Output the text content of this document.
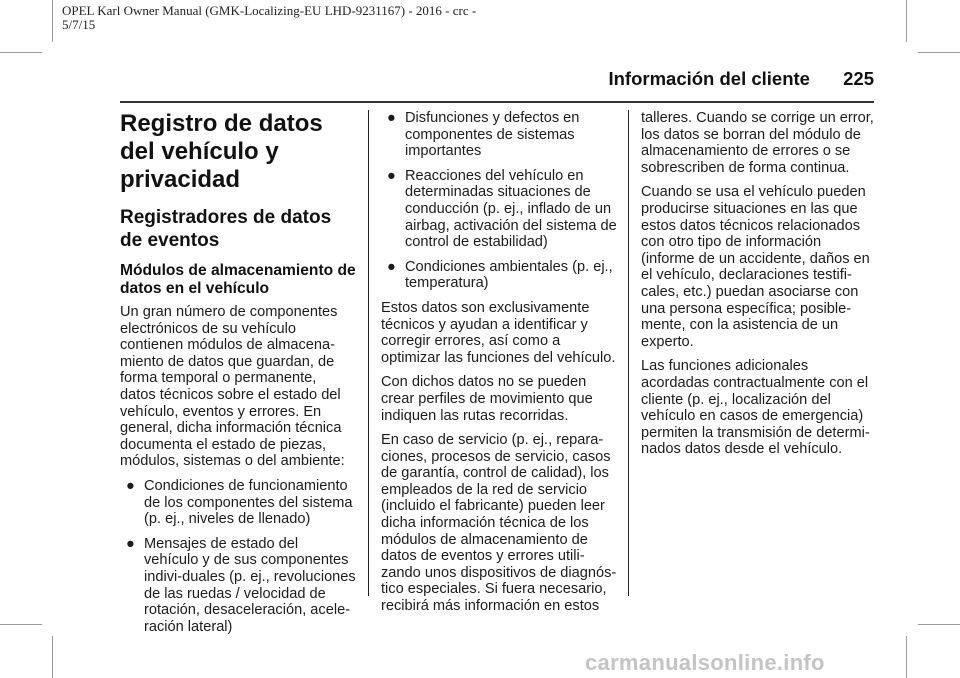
OPEL Karl Owner Manual (GMK-Localizing-EU LHD-9231167) - 2016 - crc -
5/7/15
Información del cliente 225
Registro de datos del vehículo y privacidad
Registradores de datos de eventos
Módulos de almacenamiento de datos en el vehículo

Un gran número de componentes electrónicos de su vehículo contienen módulos de almacena-miento de datos que guardan, de forma temporal o permanente, datos técnicos sobre el estado del vehículo, eventos y errores. En general, dicha información técnica documenta el estado de piezas, módulos, sistemas o del ambiente:

● Condiciones de funcionamiento de los componentes del sistema (p. ej., niveles de llenado)
● Mensajes de estado del vehículo y de sus componentes indivi-duales (p. ej., revoluciones de las ruedas / velocidad de rotación, desaceleración, acele-ración lateral)
● Disfunciones y defectos en componentes de sistemas importantes
● Reacciones del vehículo en determinadas situaciones de conducción (p. ej., inflado de un airbag, activación del sistema de control de estabilidad)
● Condiciones ambientales (p. ej., temperatura)

Estos datos son exclusivamente técnicos y ayudan a identificar y corregir errores, así como a optimizar las funciones del vehículo.

Con dichos datos no se pueden crear perfiles de movimiento que indiquen las rutas recorridas.

En caso de servicio (p. ej., repara-ciones, procesos de servicio, casos de garantía, control de calidad), los empleados de la red de servicio (incluido el fabricante) pueden leer dicha información técnica de los módulos de almacenamiento de datos de eventos y errores utili-zando unos dispositivos de diagnós-tico especiales. Si fuera necesario, recibirá más información en estos

talleres. Cuando se corrige un error, los datos se borran del módulo de almacenamiento de errores o se sobrescriben de forma continua.

Cuando se usa el vehículo pueden producirse situaciones en las que estos datos técnicos relacionados con otro tipo de información (informe de un accidente, daños en el vehículo, declaraciones testifi-cales, etc.) puedan asociarse con una persona específica; posible-mente, con la asistencia de un experto.

Las funciones adicionales acordadas contractualmente con el cliente (p. ej., localización del vehículo en casos de emergencia) permiten la transmisión de determi-nados datos desde el vehículo.

carmanualsonline.info
